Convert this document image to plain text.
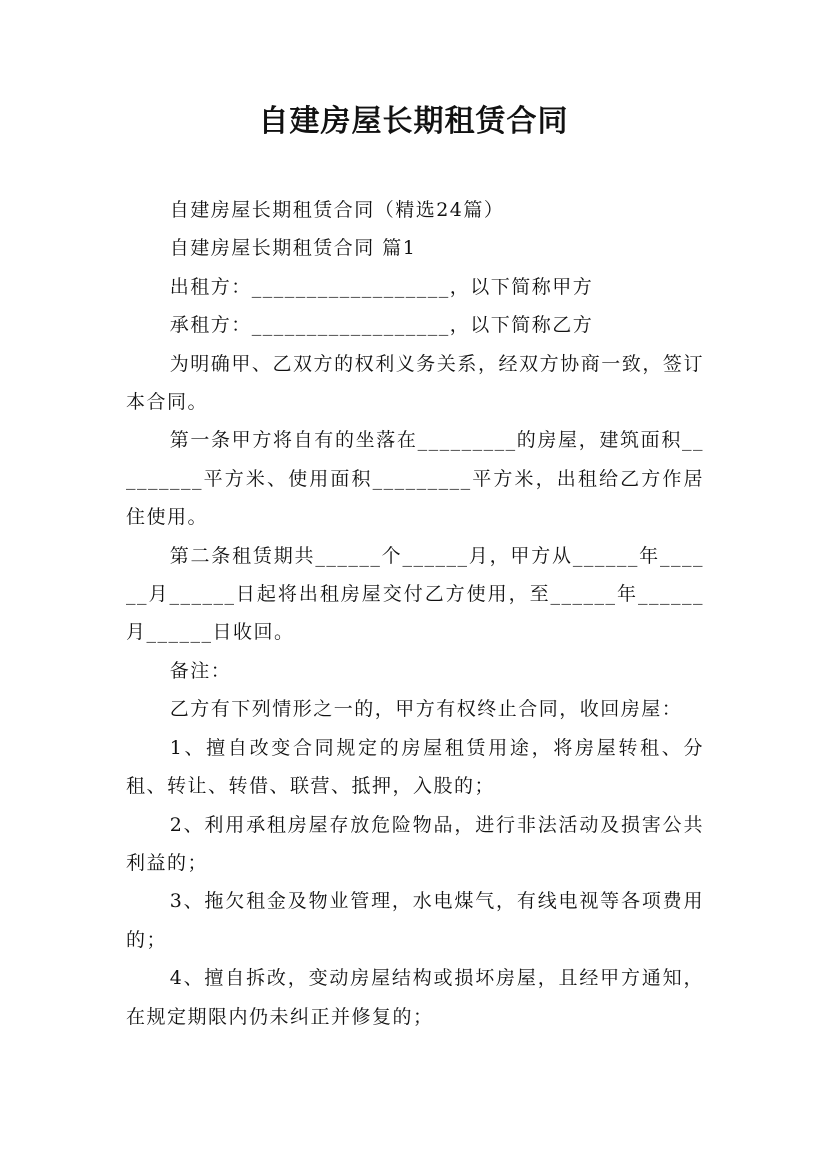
自建房屋长期租赁合同

自建房屋长期租赁合同（精选24篇）

自建房屋长期租赁合同 篇1

出租方：__________________，以下简称甲方

承租方：__________________，以下简称乙方

为明确甲、乙双方的权利义务关系，经双方协商一致，签订本合同。

第一条甲方将自有的坐落在_________的房屋，建筑面积_________平方米、使用面积_________平方米，出租给乙方作居住使用。

第二条租赁期共______个______月，甲方从______年______月______日起将出租房屋交付乙方使用，至______年______月______日收回。

备注：

乙方有下列情形之一的，甲方有权终止合同，收回房屋：

1、擅自改变合同规定的房屋租赁用途，将房屋转租、分租、转让、转借、联营、抵押，入股的；

2、利用承租房屋存放危险物品，进行非法活动及损害公共利益的；

3、拖欠租金及物业管理，水电煤气，有线电视等各项费用的；

4、擅自拆改，变动房屋结构或损坏房屋，且经甲方通知，在规定期限内仍未纠正并修复的；
